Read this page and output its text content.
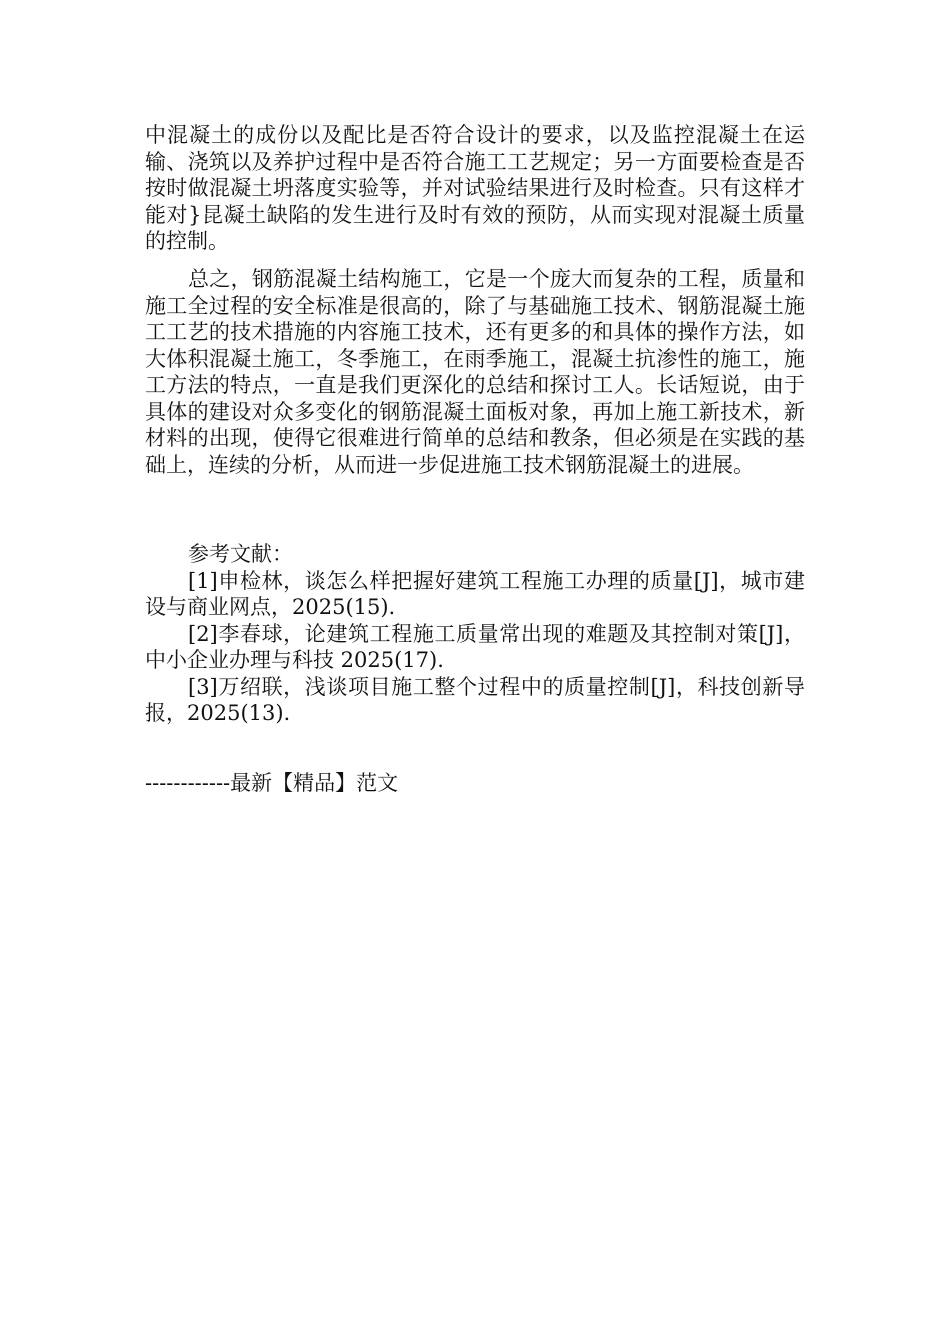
中混凝土的成份以及配比是否符合设计的要求，以及监控混凝土在运输、浇筑以及养护过程中是否符合施工工艺规定；另一方面要检查是否按时做混凝土坍落度实验等，并对试验结果进行及时检查。只有这样才能对}昆凝土缺陷的发生进行及时有效的预防，从而实现对混凝土质量的控制。

总之，钢筋混凝土结构施工，它是一个庞大而复杂的工程，质量和施工全过程的安全标准是很高的，除了与基础施工技术、钢筋混凝土施工工艺的技术措施的内容施工技术，还有更多的和具体的操作方法，如大体积混凝土施工，冬季施工，在雨季施工，混凝土抗渗性的施工，施工方法的特点，一直是我们更深化的总结和探讨工人。长话短说，由于具体的建设对众多变化的钢筋混凝土面板对象，再加上施工新技术，新材料的出现，使得它很难进行简单的总结和教条，但必须是在实践的基础上，连续的分析，从而进一步促进施工技术钢筋混凝土的进展。

参考文献：

[1]申检林，谈怎么样把握好建筑工程施工办理的质量[J]，城市建设与商业网点，2025(15).

[2]李春球，论建筑工程施工质量常出现的难题及其控制对策[J]，中小企业办理与科技 2025(17).

[3]万绍联，浅谈项目施工整个过程中的质量控制[J]，科技创新导报，2025(13).

------------最新【精品】范文
